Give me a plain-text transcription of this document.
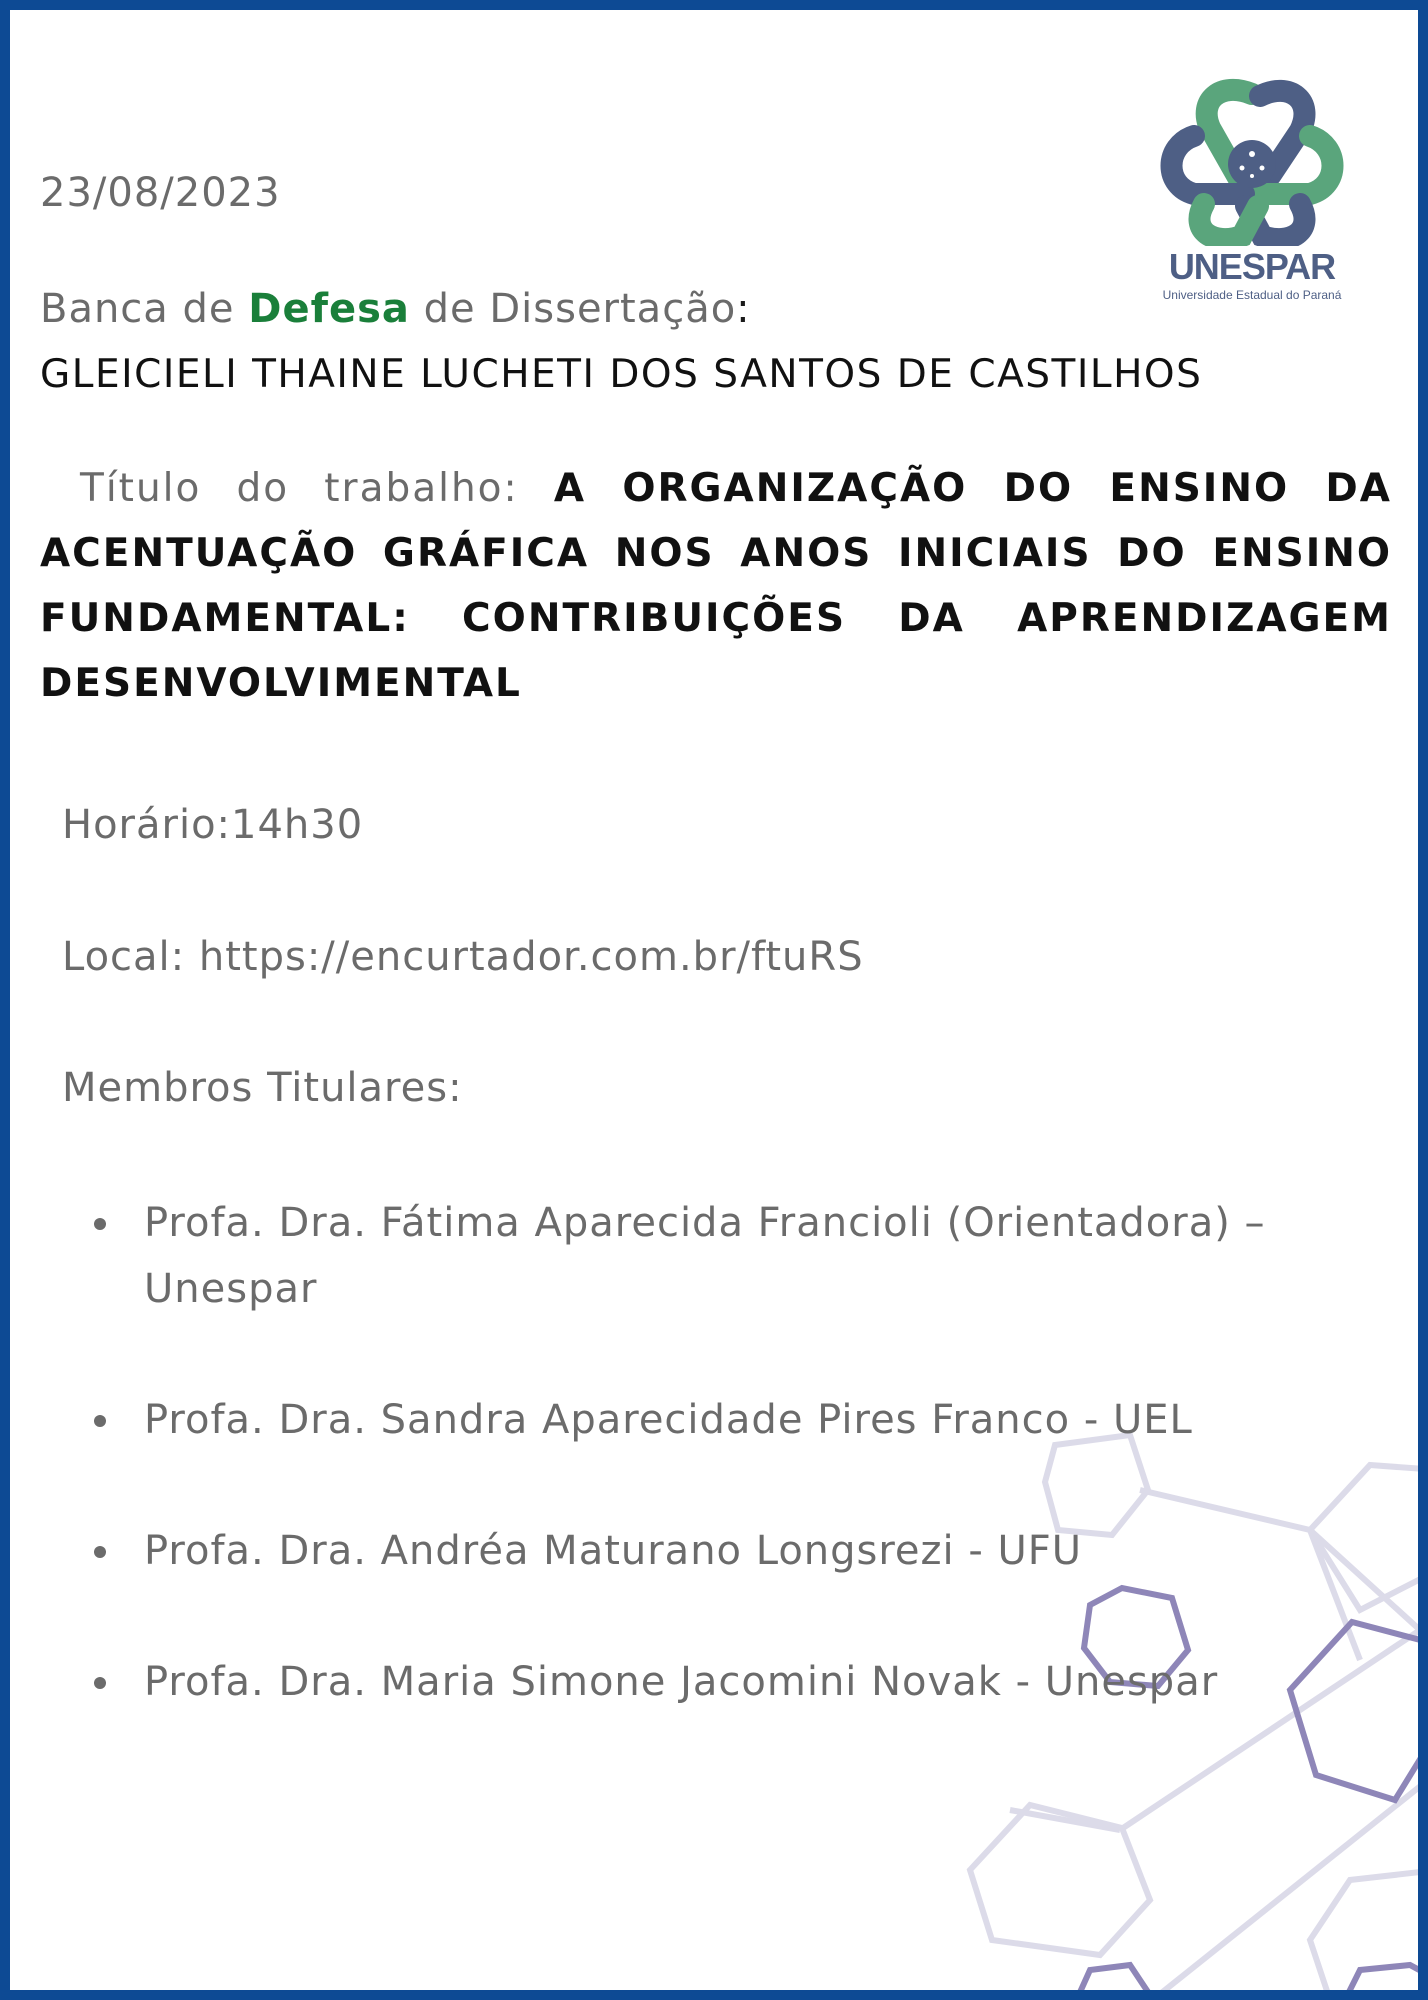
UNESPAR
Universidade Estadual do Paraná
23/08/2023
Banca de Defesa de Dissertação:
GLEICIELI THAINE LUCHETI DOS SANTOS DE CASTILHOS
Título do trabalho: A ORGANIZAÇÃO DO ENSINO DA ACENTUAÇÃO GRÁFICA NOS ANOS INICIAIS DO ENSINO FUNDAMENTAL: CONTRIBUIÇÕES DA APRENDIZAGEM DESENVOLVIMENTAL
Horário:14h30
Local: https://encurtador.com.br/ftuRS
Membros Titulares:
Profa. Dra. Fátima Aparecida Francioli (Orientadora) – Unespar
Profa. Dra. Sandra Aparecidade Pires Franco - UEL
Profa. Dra. Andréa Maturano Longsrezi - UFU
Profa. Dra. Maria Simone Jacomini Novak - Unespar
